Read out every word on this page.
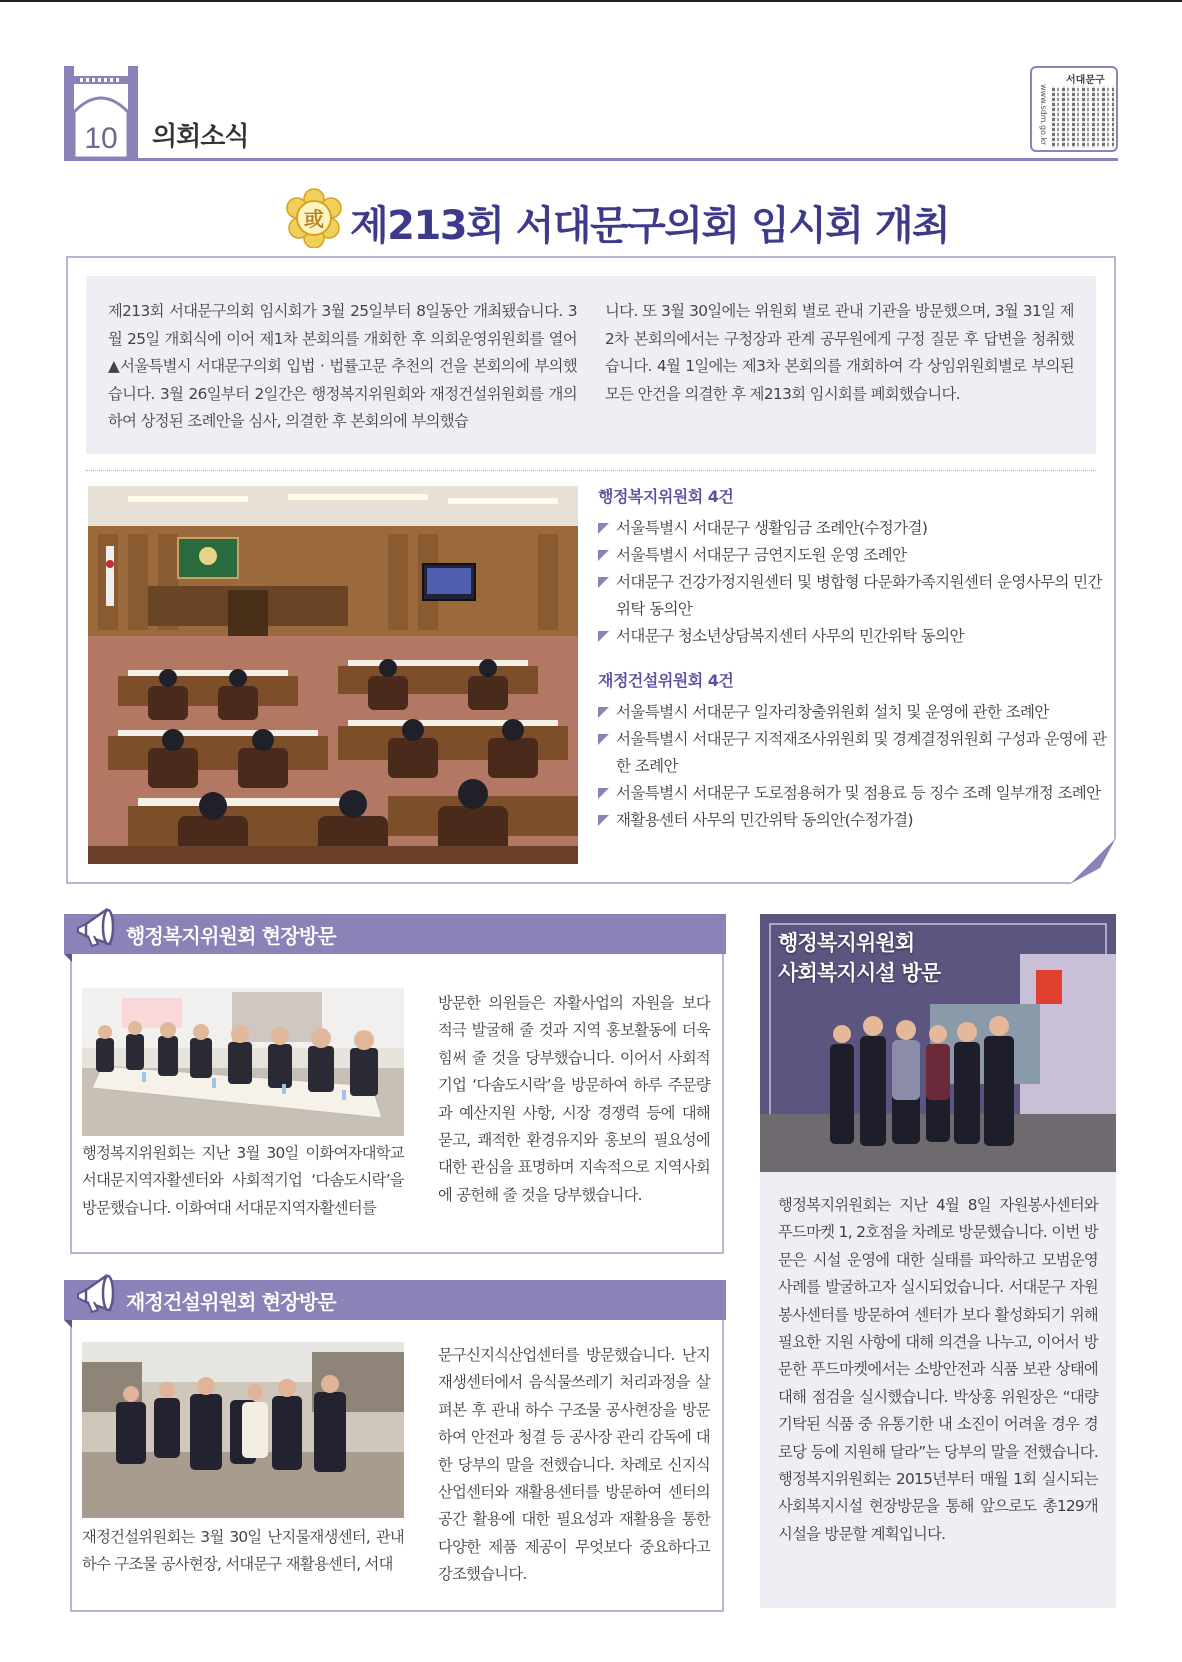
10 의회소식
서대문구
www.sdm.go.kr
或 제213회 서대문구의회 임시회 개최

제213회 서대문구의회 임시회가 3월 25일부터 8일동안 개최됐습니다. 3월 25일 개회식에 이어 제1차 본회의를 개회한 후 의회운영위원회를 열어 ▲서울특별시 서대문구의회 입법 · 법률고문 추천의 건을 본회의에 부의했습니다. 3월 26일부터 2일간은 행정복지위원회와 재정건설위원회를 개의하여 상정된 조례안을 심사, 의결한 후 본회의에 부의했습

니다. 또 3월 30일에는 위원회 별로 관내 기관을 방문했으며, 3월 31일 제2차 본회의에서는 구청장과 관계 공무원에게 구정 질문 후 답변을 청취했습니다. 4월 1일에는 제3차 본회의를 개회하여 각 상임위원회별로 부의된 모든 안건을 의결한 후 제213회 임시회를 폐회했습니다.

행정복지위원회 4건
서울특별시 서대문구 생활임금 조례안(수정가결)
서울특별시 서대문구 금연지도원 운영 조례안
서대문구 건강가정지원센터 및 병합형 다문화가족지원센터 운영사무의 민간위탁 동의안
서대문구 청소년상담복지센터 사무의 민간위탁 동의안
재정건설위원회 4건
서울특별시 서대문구 일자리창출위원회 설치 및 운영에 관한 조례안
서울특별시 서대문구 지적재조사위원회 및 경계결정위원회 구성과 운영에 관한 조례안
서울특별시 서대문구 도로점용허가 및 점용료 등 징수 조례 일부개정 조례안
재활용센터 사무의 민간위탁 동의안(수정가결)
행정복지위원회 현장방문
행정복지위원회는 지난 3월 30일 이화여자대학교 서대문지역자활센터와 사회적기업 ‘다솜도시락’을 방문했습니다. 이화여대 서대문지역자활센터를
방문한 의원들은 자활사업의 자원을 보다 적극 발굴해 줄 것과 지역 홍보활동에 더욱 힘써 줄 것을 당부했습니다. 이어서 사회적기업 ‘다솜도시락’을 방문하여 하루 주문량과 예산지원 사항, 시장 경쟁력 등에 대해 묻고, 쾌적한 환경유지와 홍보의 필요성에 대한 관심을 표명하며 지속적으로 지역사회에 공헌해 줄 것을 당부했습니다.
재정건설위원회 현장방문
재정건설위원회는 3월 30일 난지물재생센터, 관내 하수 구조물 공사현장, 서대문구 재활용센터, 서대
문구신지식산업센터를 방문했습니다. 난지재생센터에서 음식물쓰레기 처리과정을 살펴본 후 관내 하수 구조물 공사현장을 방문하여 안전과 청결 등 공사장 관리 감독에 대한 당부의 말을 전했습니다. 차례로 신지식산업센터와 재활용센터를 방문하여 센터의 공간 활용에 대한 필요성과 재활용을 통한 다양한 제품 제공이 무엇보다 중요하다고 강조했습니다.
행정복지위원회
사회복지시설 방문
행정복지위원회는 지난 4월 8일 자원봉사센터와 푸드마켓 1, 2호점을 차례로 방문했습니다. 이번 방문은 시설 운영에 대한 실태를 파악하고 모범운영 사례를 발굴하고자 실시되었습니다. 서대문구 자원봉사센터를 방문하여 센터가 보다 활성화되기 위해 필요한 지원 사항에 대해 의견을 나누고, 이어서 방문한 푸드마켓에서는 소방안전과 식품 보관 상태에 대해 점검을 실시했습니다. 박상홍 위원장은 “대량 기탁된 식품 중 유통기한 내 소진이 어려울 경우 경로당 등에 지원해 달라”는 당부의 말을 전했습니다. 행정복지위원회는 2015년부터 매월 1회 실시되는 사회복지시설 현장방문을 통해 앞으로도 총129개 시설을 방문할 계획입니다.
